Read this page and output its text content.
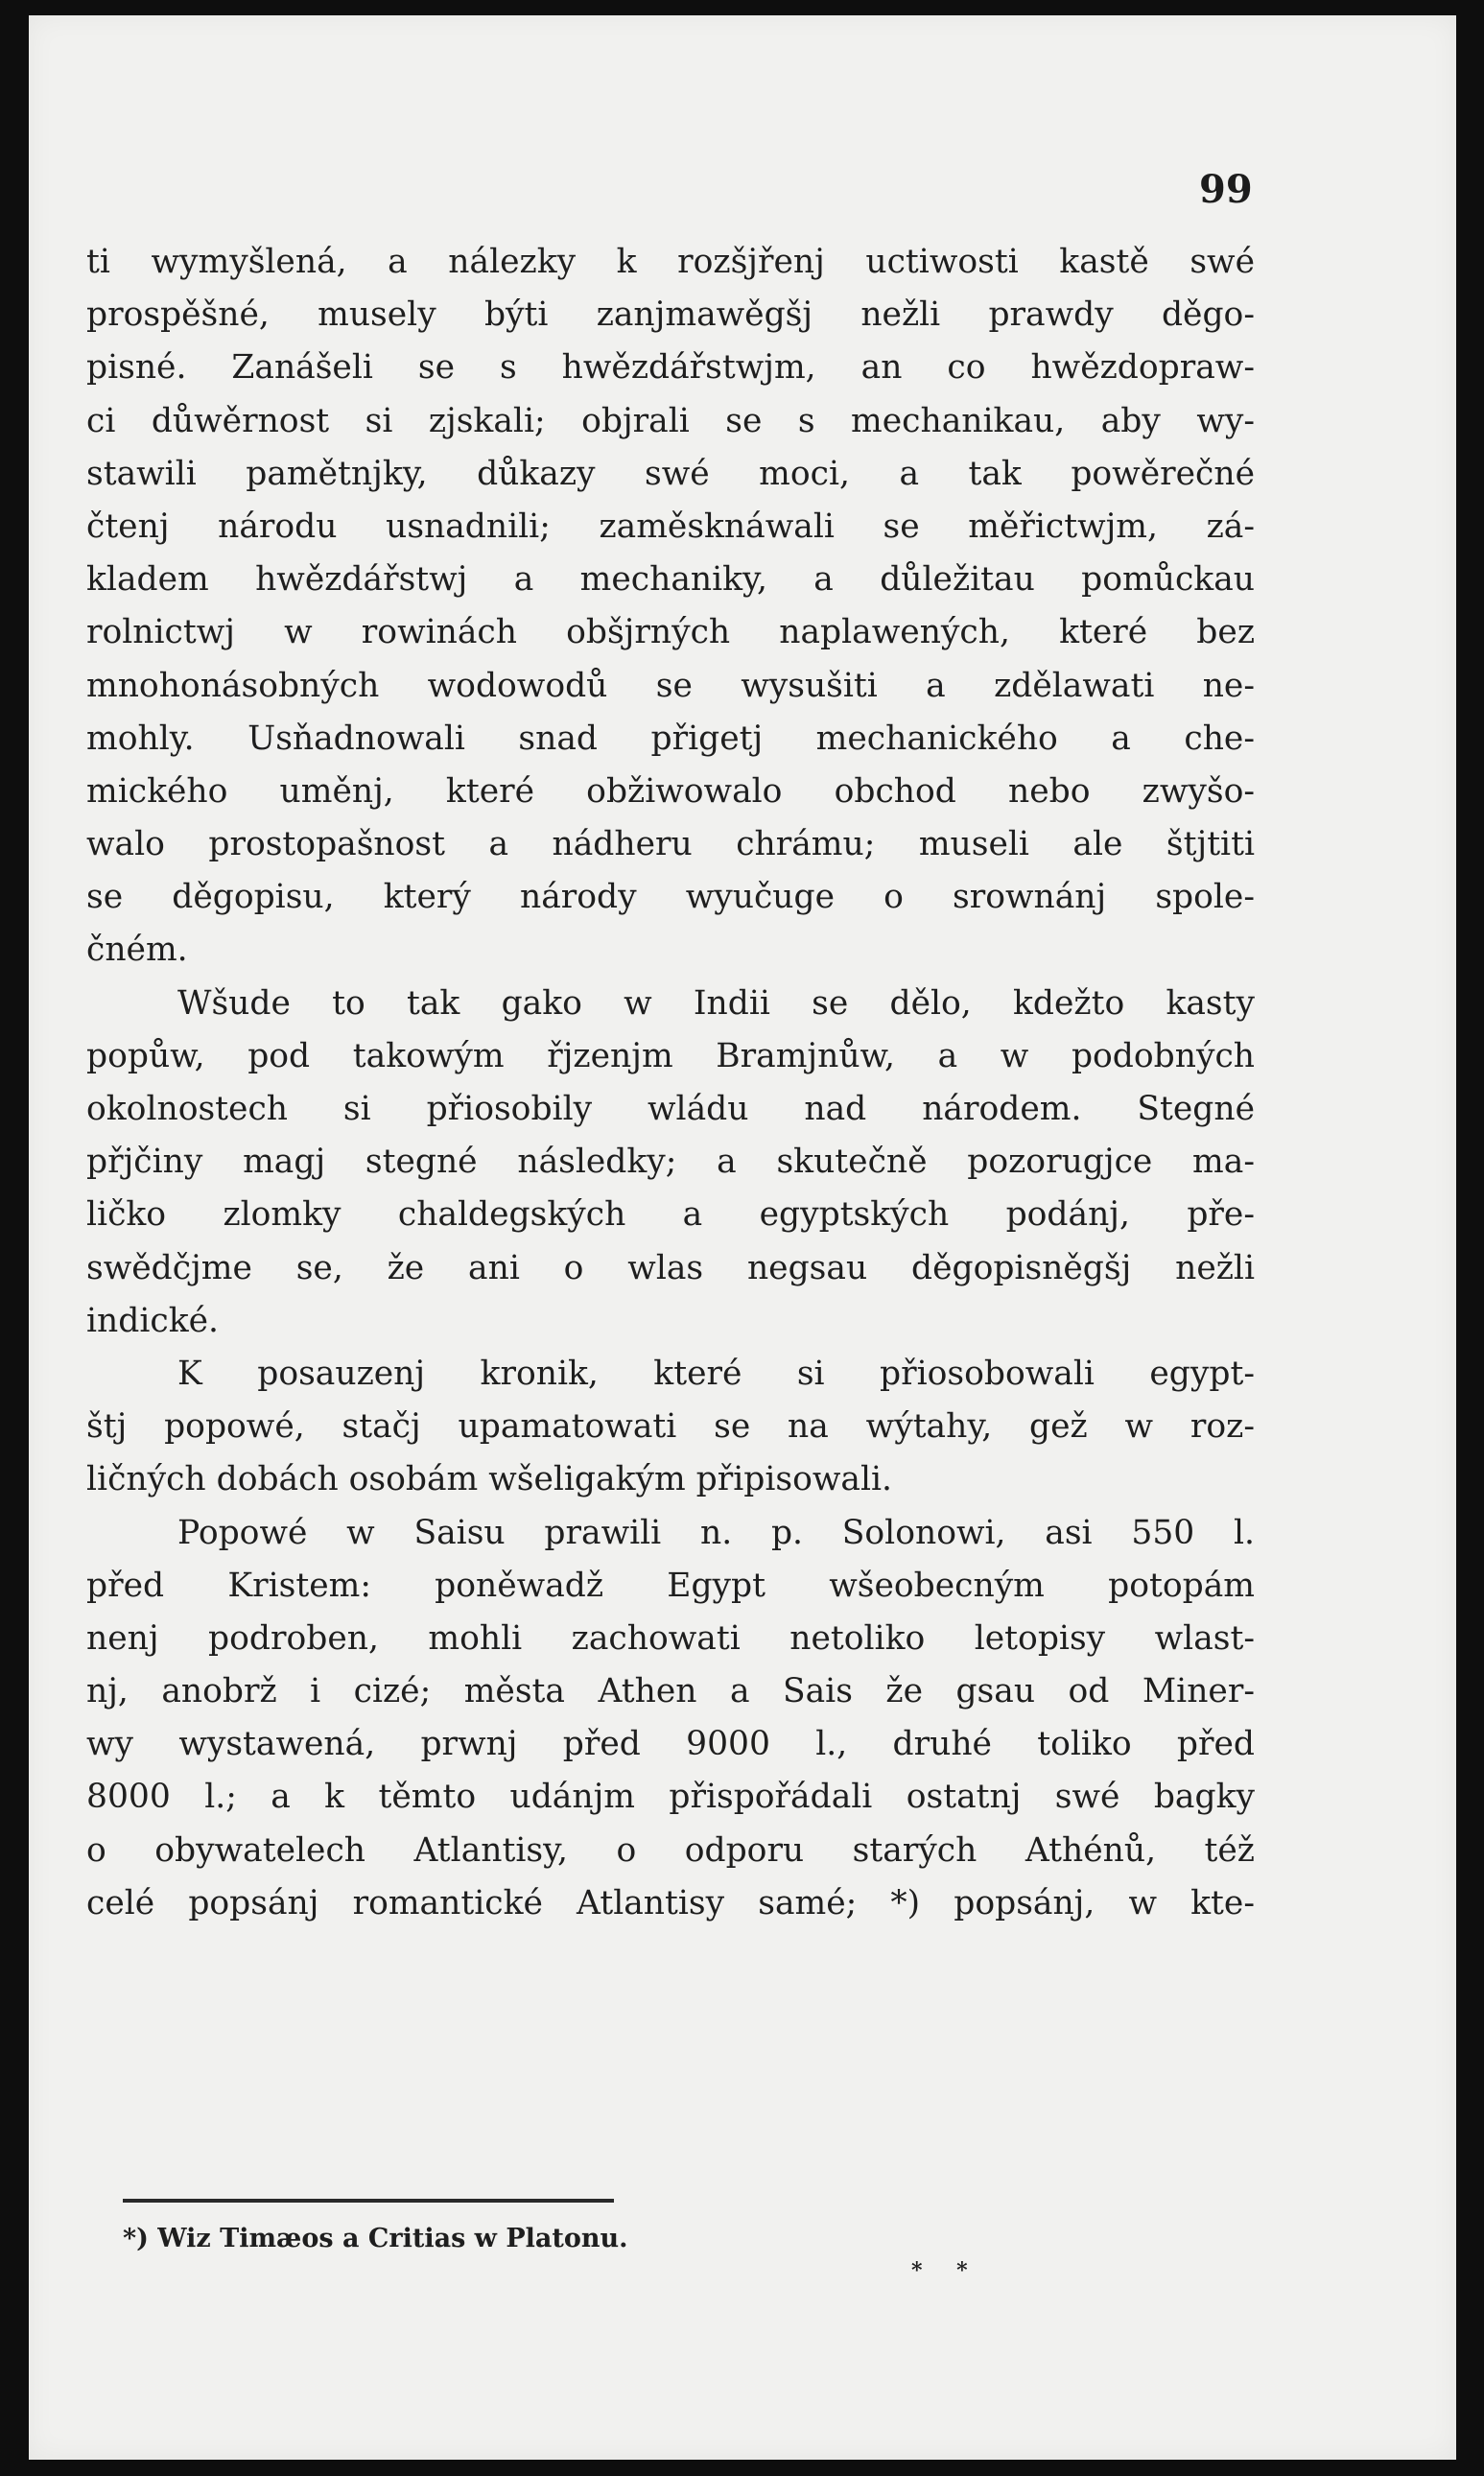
99
ti wymyšlená, a nálezky k rozšjřenj uctiwosti kastě swé
prospěšné, musely býti zanjmawěgšj nežli prawdy děgo-
pisné. Zanášeli se s hwězdářstwjm, an co hwězdopraw-
ci důwěrnost si zjskali; objrali se s mechanikau, aby wy-
stawili pamětnjky, důkazy swé moci, a tak powěrečné
čtenj národu usnadnili; zaměsknáwali se měřictwjm, zá-
kladem hwězdářstwj a mechaniky, a důležitau pomůckau
rolnictwj w rowinách obšjrných naplawených, které bez
mnohonásobných wodowodů se wysušiti a zdělawati ne-
mohly. Usňadnowali snad přigetj mechanického a che-
mického uměnj, které obžiwowalo obchod nebo zwyšo-
walo prostopašnost a nádheru chrámu; museli ale štjtiti
se děgopisu, který národy wyučuge o srownánj spole-
čném.
Wšude to tak gako w Indii se dělo, kdežto kasty
popůw, pod takowým řjzenjm Bramjnůw, a w podobných
okolnostech si přiosobily wládu nad národem. Stegné
přjčiny magj stegné následky; a skutečně pozorugjce ma-
ličko zlomky chaldegských a egyptských podánj, pře-
swědčjme se, že ani o wlas negsau děgopisněgšj nežli
indické.
K posauzenj kronik, které si přiosobowali egypt-
štj popowé, stačj upamatowati se na wýtahy, gež w roz-
ličných dobách osobám wšeligakým připisowali.
Popowé w Saisu prawili n. p. Solonowi, asi 550 l.
před Kristem: poněwadž Egypt wšeobecným potopám
nenj podroben, mohli zachowati netoliko letopisy wlast-
nj, anobrž i cizé; města Athen a Sais že gsau od Miner-
wy wystawená, prwnj před 9000 l., druhé toliko před
8000 l.; a k těmto udánjm přispořádali ostatnj swé bagky
o obywatelech Atlantisy, o odporu starých Athénů, též
celé popsánj romantické Atlantisy samé; *) popsánj, w kte-
*) Wiz Timæos a Critias w Platonu.
* *
